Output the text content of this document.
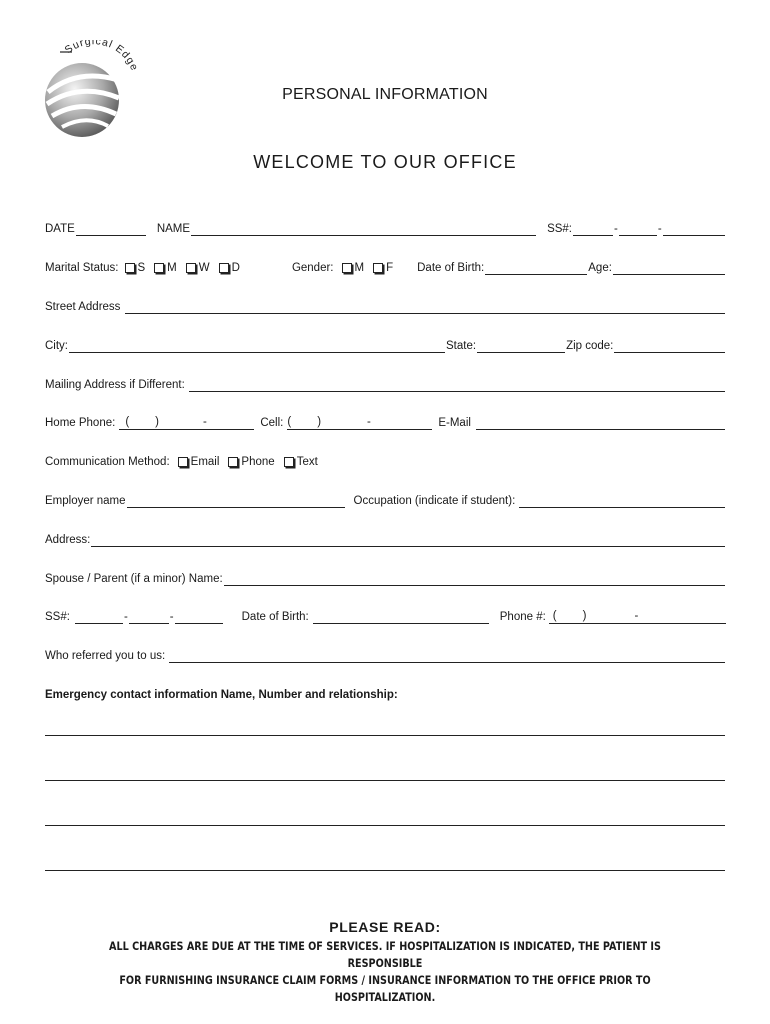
Surgical Edg
PERSONAL INFORMATION
WELCOME TO OUR OFFICE
DATE	NAME	SS#:	-	-
Marital Status: S M W D	Gender: M F Date of Birth:	Age:
Street Address
City:	State:	Zip code:
Mailing Address if Different:
Home Phone: ( )	-	Cell: ( )	-	E-Mail
Communication Method: Email Phone Text
Employer name	Occupation (indicate if student):
Address:
Spouse / Parent (if a minor) Name:
SS#:	-	-	Date of Birth:	Phone #: ( )	-
Who referred you to us:
Emergency contact information Name, Number and relationship:
PLEASE READ:
ALL CHARGES ARE DUE AT THE TIME OF SERVICES. IF HOSPITALIZATION IS INDICATED, THE PATIENT IS RESPONSIBLE
FOR FURNISHING INSURANCE CLAIM FORMS / INSURANCE INFORMATION TO THE OFFICE PRIOR TO HOSPITALIZATION.
